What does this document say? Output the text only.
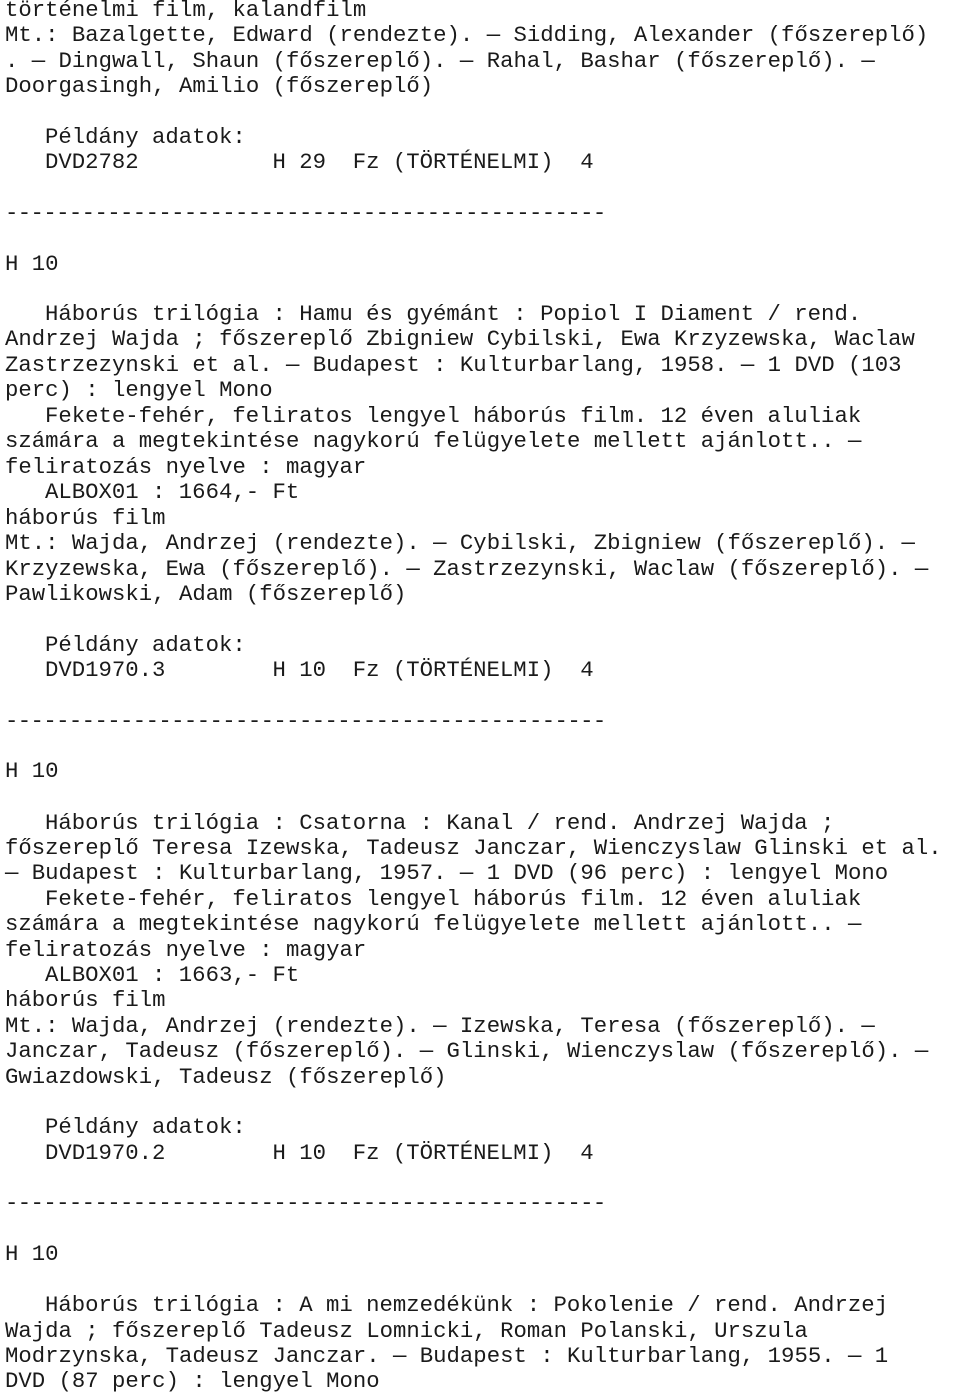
történelmi film, kalandfilm
Mt.: Bazalgette, Edward (rendezte). — Sidding, Alexander (főszereplő)
. — Dingwall, Shaun (főszereplő). — Rahal, Bashar (főszereplő). —
Doorgasingh, Amilio (főszereplő)
Példány adatok:
DVD2782          H 29  Fz (TÖRTÉNELMI)  4
-----------------------------------------------
H 10
Háborús trilógia : Hamu és gyémánt : Popiol I Diament / rend.
Andrzej Wajda ; főszereplő Zbigniew Cybilski, Ewa Krzyzewska, Waclaw
Zastrzezynski et al. — Budapest : Kulturbarlang, 1958. — 1 DVD (103
perc) : lengyel Mono
Fekete-fehér, feliratos lengyel háborús film. 12 éven aluliak
számára a megtekintése nagykorú felügyelete mellett ajánlott.. —
feliratozás nyelve : magyar
ALBOX01 : 1664,- Ft
háborús film
Mt.: Wajda, Andrzej (rendezte). — Cybilski, Zbigniew (főszereplő). —
Krzyzewska, Ewa (főszereplő). — Zastrzezynski, Waclaw (főszereplő). —
Pawlikowski, Adam (főszereplő)
Példány adatok:
DVD1970.3        H 10  Fz (TÖRTÉNELMI)  4
-----------------------------------------------
H 10
Háborús trilógia : Csatorna : Kanal / rend. Andrzej Wajda ;
főszereplő Teresa Izewska, Tadeusz Janczar, Wienczyslaw Glinski et al.
— Budapest : Kulturbarlang, 1957. — 1 DVD (96 perc) : lengyel Mono
Fekete-fehér, feliratos lengyel háborús film. 12 éven aluliak
számára a megtekintése nagykorú felügyelete mellett ajánlott.. —
feliratozás nyelve : magyar
ALBOX01 : 1663,- Ft
háborús film
Mt.: Wajda, Andrzej (rendezte). — Izewska, Teresa (főszereplő). —
Janczar, Tadeusz (főszereplő). — Glinski, Wienczyslaw (főszereplő). —
Gwiazdowski, Tadeusz (főszereplő)
Példány adatok:
DVD1970.2        H 10  Fz (TÖRTÉNELMI)  4
-----------------------------------------------
H 10
Háborús trilógia : A mi nemzedékünk : Pokolenie / rend. Andrzej
Wajda ; főszereplő Tadeusz Lomnicki, Roman Polanski, Urszula
Modrzynska, Tadeusz Janczar. — Budapest : Kulturbarlang, 1955. — 1
DVD (87 perc) : lengyel Mono
